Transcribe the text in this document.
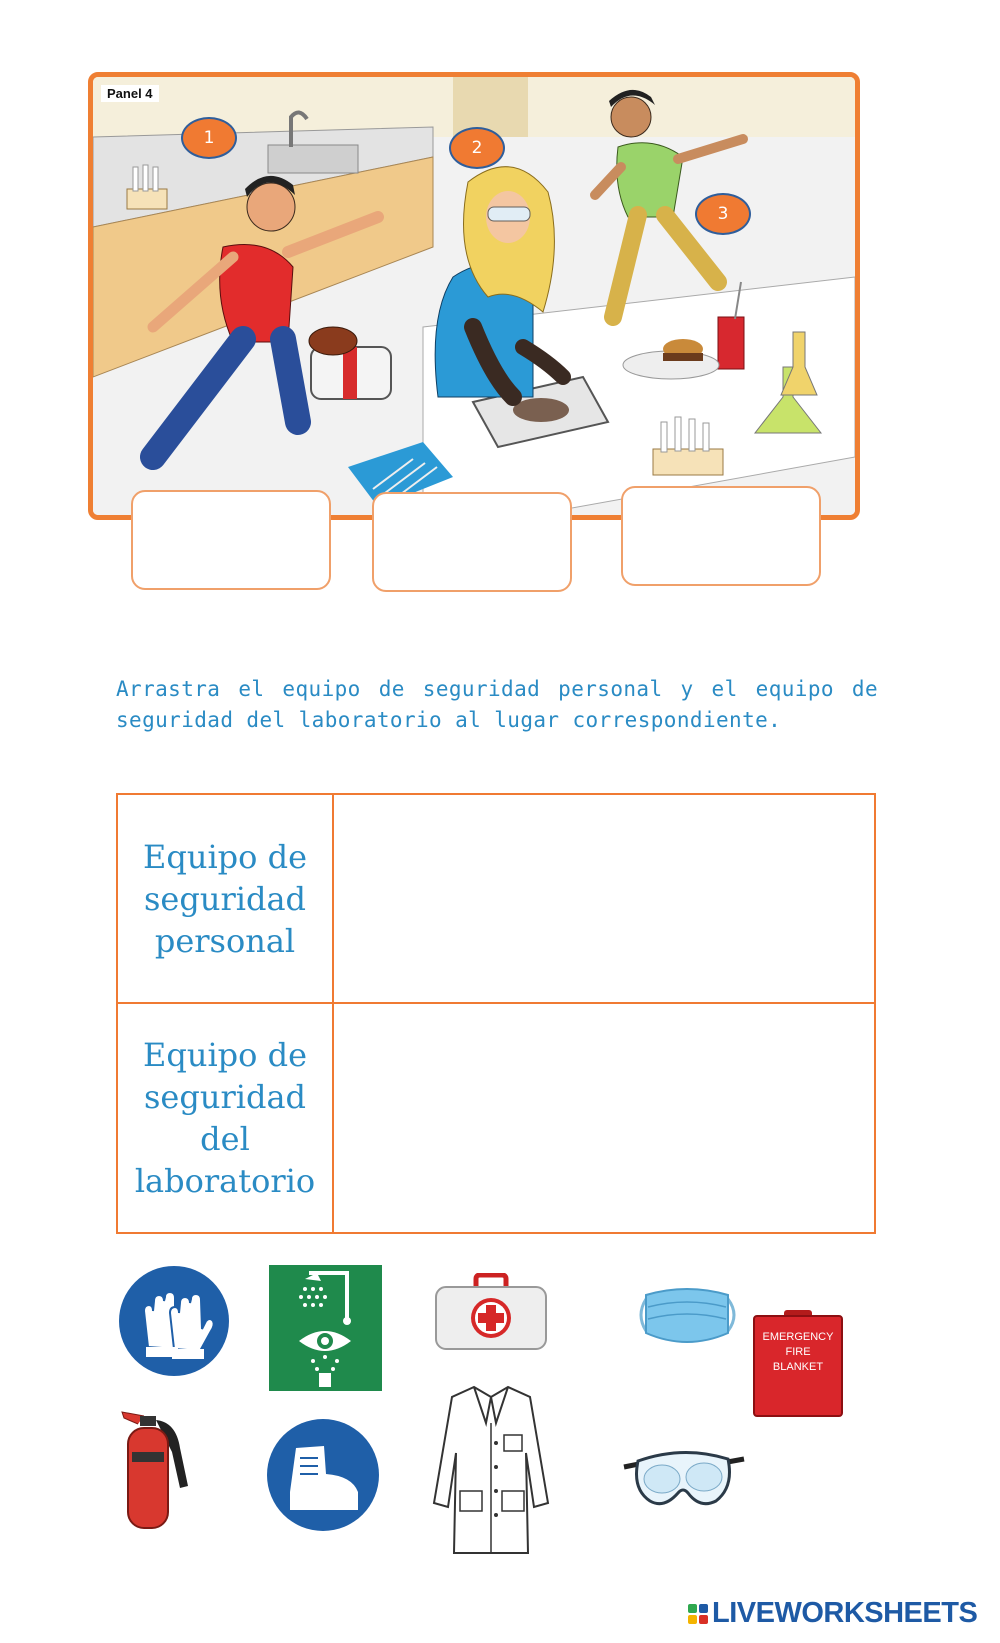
Panel 4
1	2
3
Arrastra el equipo de seguridad personal y el equipo de seguridad del laboratorio al lugar correspondiente.
Equipo de seguridad personal
Equipo de seguridad del laboratorio
EMERGENCY
FIRE
BLANKET
LIVEWORKSHEETS
